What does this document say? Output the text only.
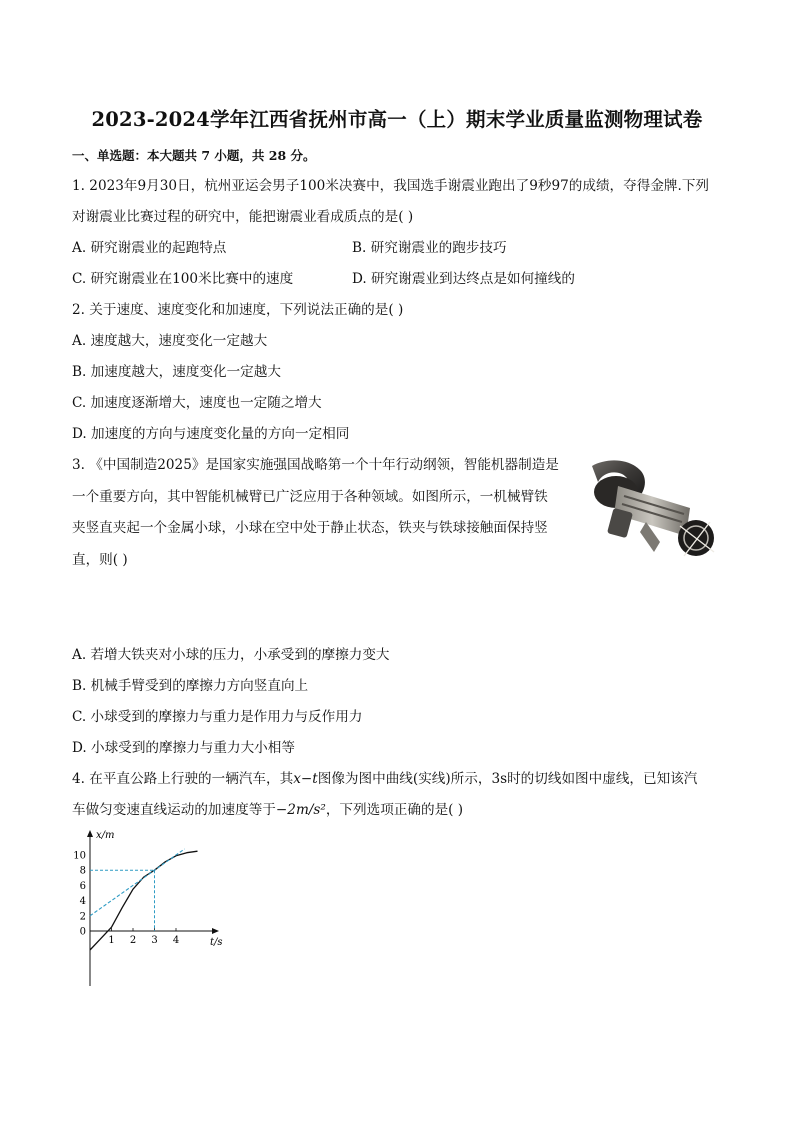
2023-2024学年江西省抚州市高一（上）期末学业质量监测物理试卷
一、单选题：本大题共 7 小题，共 28 分。
1. 2023年9月30日，杭州亚运会男子100米决赛中，我国选手谢震业跑出了9秒97的成绩，夺得金牌.下列
对谢震业比赛过程的研究中，能把谢震业看成质点的是( )
A. 研究谢震业的起跑特点	B. 研究谢震业的跑步技巧
C. 研究谢震业在100米比赛中的速度	D. 研究谢震业到达终点是如何撞线的
2. 关于速度、速度变化和加速度，下列说法正确的是( )
A. 速度越大，速度变化一定越大
B. 加速度越大，速度变化一定越大
C. 加速度逐渐增大，速度也一定随之增大
D. 加速度的方向与速度变化量的方向一定相同
3. 《中国制造2025》是国家实施强国战略第一个十年行动纲领，智能机器制造是
一个重要方向，其中智能机械臂已广泛应用于各种领域。如图所示，一机械臂铁
夹竖直夹起一个金属小球，小球在空中处于静止状态，铁夹与铁球接触面保持竖
直，则( )
A. 若增大铁夹对小球的压力，小承受到的摩擦力变大
B. 机械手臂受到的摩擦力方向竖直向上
C. 小球受到的摩擦力与重力是作用力与反作用力
D. 小球受到的摩擦力与重力大小相等
4. 在平直公路上行驶的一辆汽车，其x−t图像为图中曲线(实线)所示，3s时的切线如图中虚线，已知该汽
车做匀变速直线运动的加速度等于−2m/s²，下列选项正确的是( )
x/m
t/s
0
2
4
6
8
10
1 2 3 4
